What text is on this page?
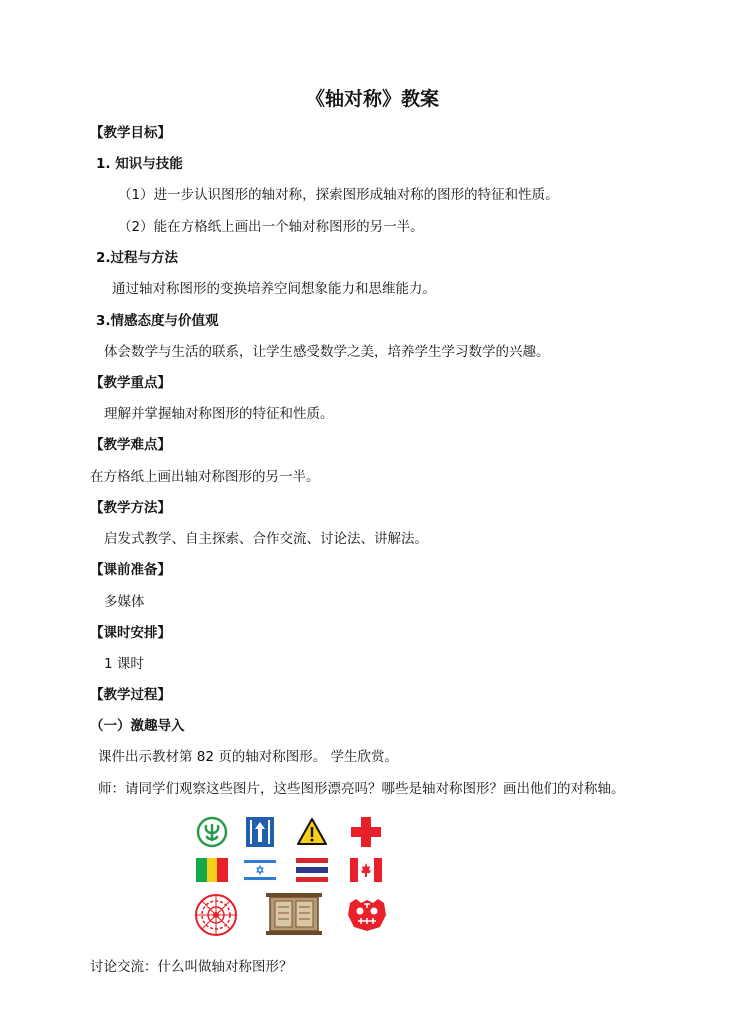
《轴对称》教案
【教学目标】
1. 知识与技能
（1）进一步认识图形的轴对称，探索图形成轴对称的图形的特征和性质。
（2）能在方格纸上画出一个轴对称图形的另一半。
2.过程与方法
通过轴对称图形的变换培养空间想象能力和思维能力。
3.情感态度与价值观
体会数学与生活的联系，让学生感受数学之美，培养学生学习数学的兴趣。
【教学重点】
理解并掌握轴对称图形的特征和性质。
【教学难点】
在方格纸上画出轴对称图形的另一半。
【教学方法】
启发式教学、自主探索、合作交流、讨论法、讲解法。
【课前准备】
多媒体
【课时安排】
1 课时
【教学过程】
（一）激趣导入
课件出示教材第 82 页的轴对称图形。 学生欣赏。
师：请同学们观察这些图片，这些图形漂亮吗？哪些是轴对称图形？画出他们的对称轴。
讨论交流：什么叫做轴对称图形？
